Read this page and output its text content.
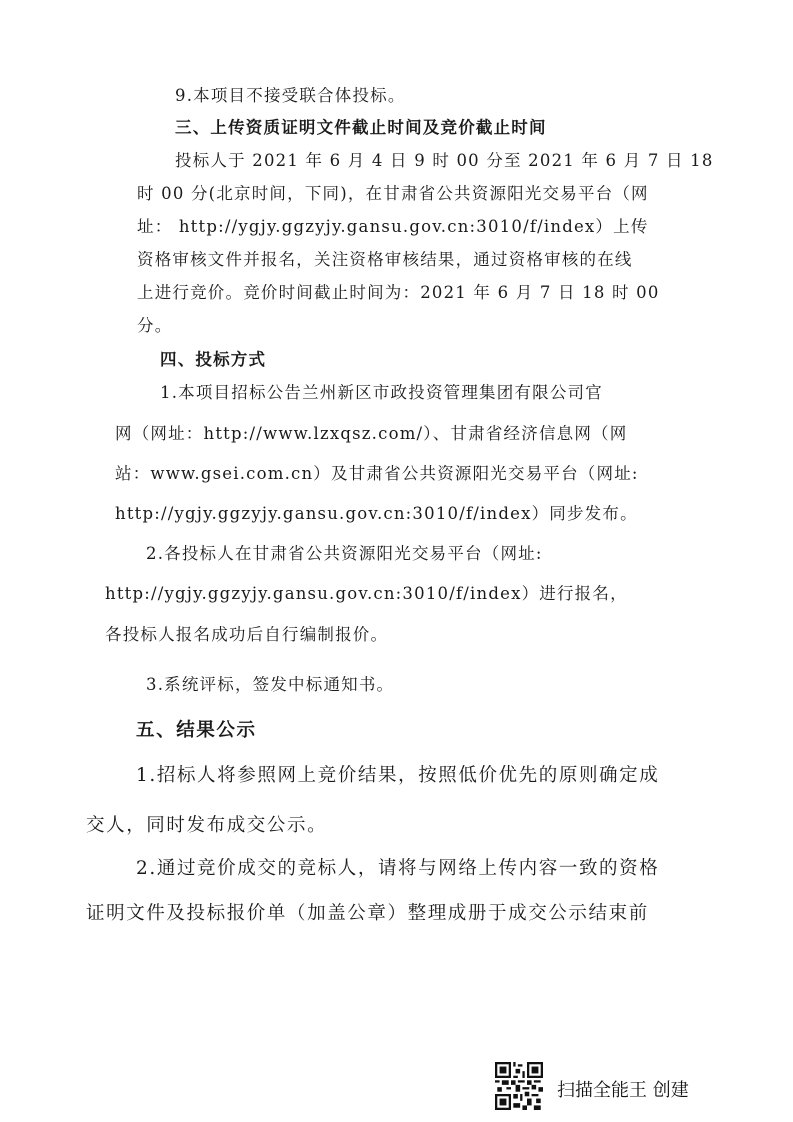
9.本项目不接受联合体投标。
三、上传资质证明文件截止时间及竞价截止时间
投标人于 2021 年 6 月 4 日 9 时 00 分至 2021 年 6 月 7 日 18
时 00 分(北京时间，下同)，在甘肃省公共资源阳光交易平台（网
址： http://ygjy.ggzyjy.gansu.gov.cn:3010/f/index）上传
资格审核文件并报名，关注资格审核结果，通过资格审核的在线
上进行竞价。竞价时间截止时间为：2021 年 6 月 7 日 18 时 00
分。
四、投标方式
1.本项目招标公告兰州新区市政投资管理集团有限公司官
网（网址：http://www.lzxqsz.com/）、甘肃省经济信息网（网
站：www.gsei.com.cn）及甘肃省公共资源阳光交易平台（网址:
http://ygjy.ggzyjy.gansu.gov.cn:3010/f/index）同步发布。
2.各投标人在甘肃省公共资源阳光交易平台（网址:
http://ygjy.ggzyjy.gansu.gov.cn:3010/f/index）进行报名，
各投标人报名成功后自行编制报价。
3.系统评标，签发中标通知书。
五、结果公示
1.招标人将参照网上竞价结果，按照低价优先的原则确定成
交人，同时发布成交公示。
2.通过竞价成交的竞标人，请将与网络上传内容一致的资格
证明文件及投标报价单（加盖公章）整理成册于成交公示结束前
扫描全能王 创建
